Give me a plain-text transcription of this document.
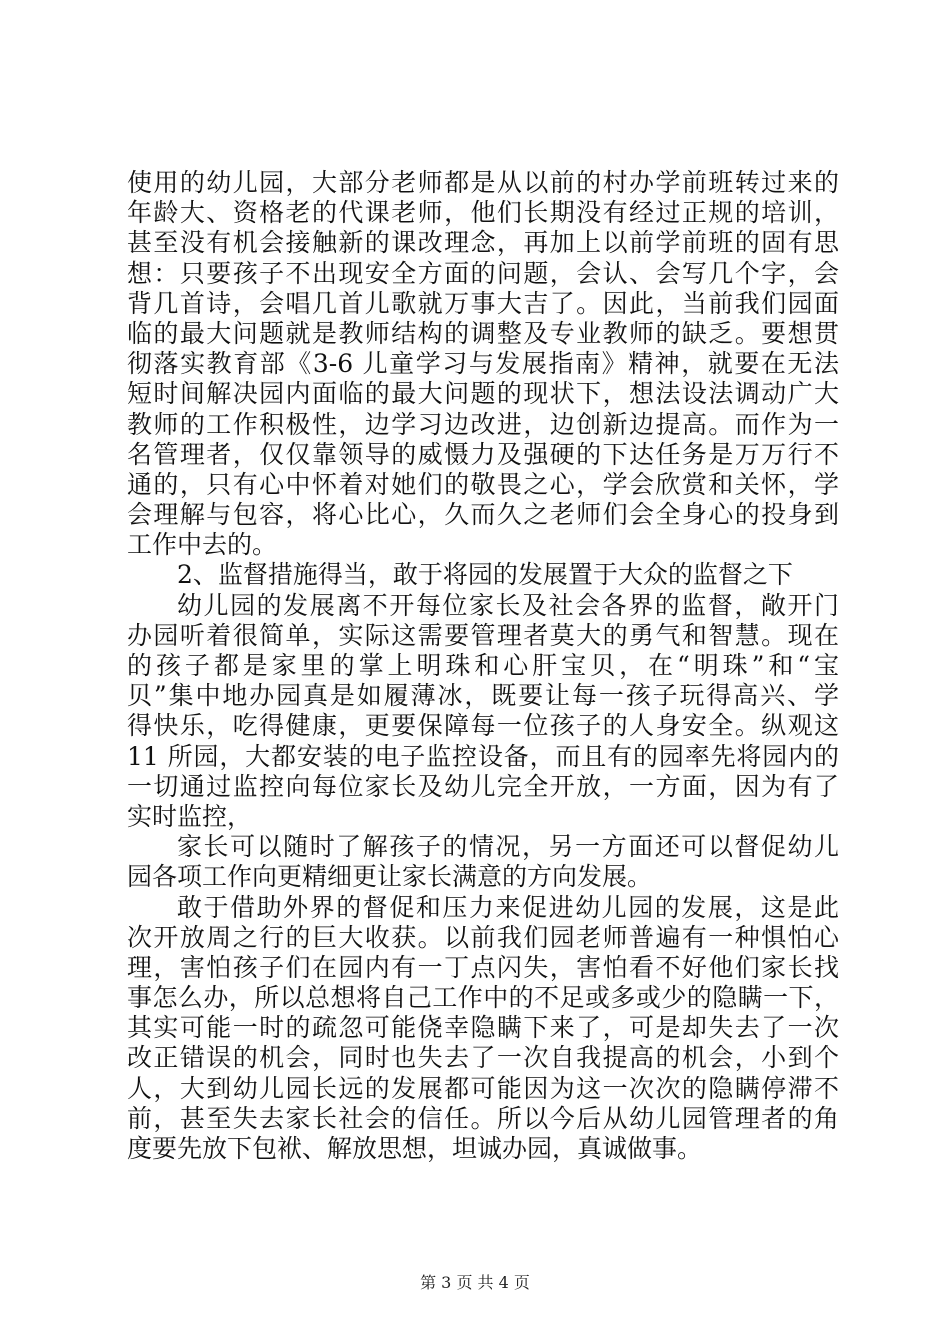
使用的幼儿园，大部分老师都是从以前的村办学前班转过来的
年龄大、资格老的代课老师，他们长期没有经过正规的培训，
甚至没有机会接触新的课改理念，再加上以前学前班的固有思
想：只要孩子不出现安全方面的问题，会认、会写几个字，会
背几首诗，会唱几首儿歌就万事大吉了。因此，当前我们园面
临的最大问题就是教师结构的调整及专业教师的缺乏。要想贯
彻落实教育部《3-6 儿童学习与发展指南》精神，就要在无法
短时间解决园内面临的最大问题的现状下，想法设法调动广大
教师的工作积极性，边学习边改进，边创新边提高。而作为一
名管理者，仅仅靠领导的威慑力及强硬的下达任务是万万行不
通的，只有心中怀着对她们的敬畏之心，学会欣赏和关怀，学
会理解与包容，将心比心，久而久之老师们会全身心的投身到
工作中去的。
2、监督措施得当，敢于将园的发展置于大众的监督之下
幼儿园的发展离不开每位家长及社会各界的监督，敞开门
办园听着很简单，实际这需要管理者莫大的勇气和智慧。现在
的孩子都是家里的掌上明珠和心肝宝贝，在“明珠”和“宝
贝”集中地办园真是如履薄冰，既要让每一孩子玩得高兴、学
得快乐，吃得健康，更要保障每一位孩子的人身安全。纵观这
11 所园，大都安装的电子监控设备，而且有的园率先将园内的
一切通过监控向每位家长及幼儿完全开放，一方面，因为有了
实时监控，
家长可以随时了解孩子的情况，另一方面还可以督促幼儿
园各项工作向更精细更让家长满意的方向发展。
敢于借助外界的督促和压力来促进幼儿园的发展，这是此
次开放周之行的巨大收获。以前我们园老师普遍有一种惧怕心
理，害怕孩子们在园内有一丁点闪失，害怕看不好他们家长找
事怎么办，所以总想将自己工作中的不足或多或少的隐瞒一下，
其实可能一时的疏忽可能侥幸隐瞒下来了，可是却失去了一次
改正错误的机会，同时也失去了一次自我提高的机会，小到个
人，大到幼儿园长远的发展都可能因为这一次次的隐瞒停滞不
前，甚至失去家长社会的信任。所以今后从幼儿园管理者的角
度要先放下包袱、解放思想，坦诚办园，真诚做事。
第 3 页 共 4 页
